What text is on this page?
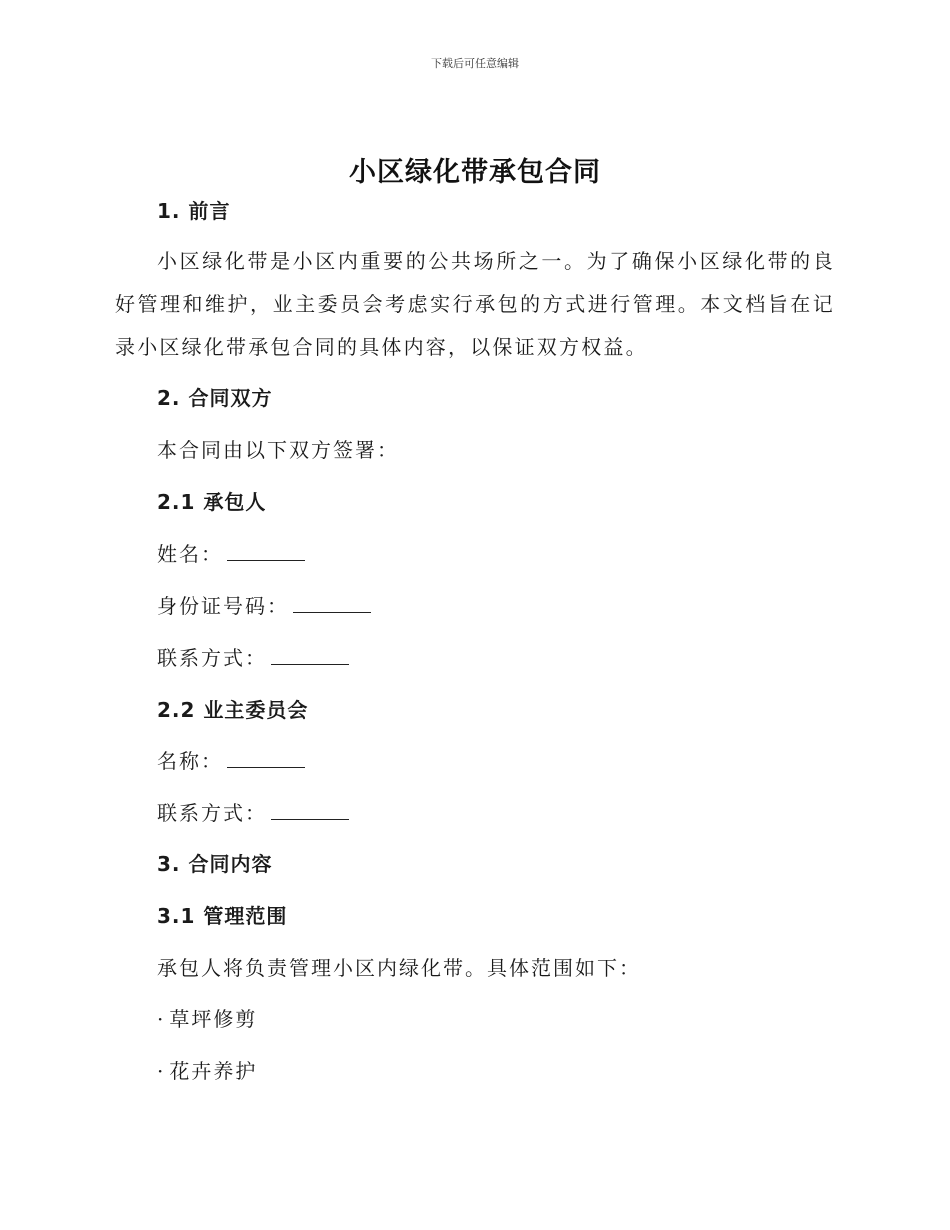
下载后可任意编辑
小区绿化带承包合同
1. 前言
小区绿化带是小区内重要的公共场所之一。为了确保小区绿化带的良好管理和维护，业主委员会考虑实行承包的方式进行管理。本文档旨在记录小区绿化带承包合同的具体内容，以保证双方权益。
2. 合同双方
本合同由以下双方签署：
2.1 承包人
姓名：
身份证号码：
联系方式：
2.2 业主委员会
名称：
联系方式：
3. 合同内容
3.1 管理范围
承包人将负责管理小区内绿化带。具体范围如下：
· 草坪修剪
· 花卉养护
